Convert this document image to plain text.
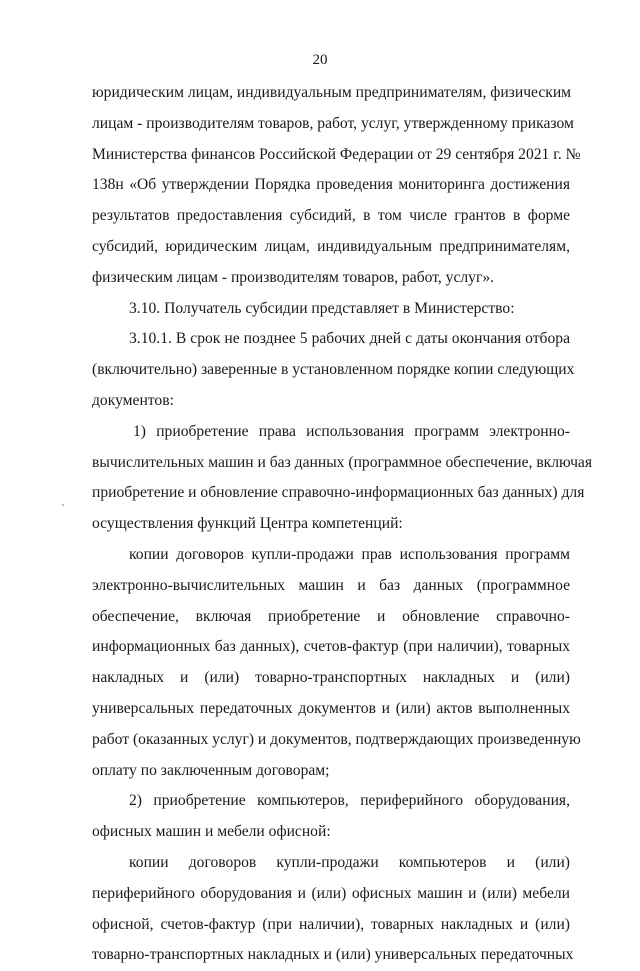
20
юридическим лицам, индивидуальным предпринимателям, физическим
лицам - производителям товаров, работ, услуг, утвержденному приказом
Министерства финансов Российской Федерации от 29 сентября 2021 г. №
138н «Об утверждении Порядка проведения мониторинга достижения
результатов предоставления субсидий, в том числе грантов в форме
субсидий, юридическим лицам, индивидуальным предпринимателям,
физическим лицам - производителям товаров, работ, услуг».
3.10. Получатель субсидии представляет в Министерство:
3.10.1. В срок не позднее 5 рабочих дней с даты окончания отбора
(включительно) заверенные в установленном порядке копии следующих
документов:
1) приобретение права использования программ электронно-
вычислительных машин и баз данных (программное обеспечение, включая
приобретение и обновление справочно-информационных баз данных) для
осуществления функций Центра компетенций:
копии договоров купли-продажи прав использования программ
электронно-вычислительных машин и баз данных (программное
обеспечение, включая приобретение и обновление справочно-
информационных баз данных), счетов-фактур (при наличии), товарных
накладных и (или) товарно-транспортных накладных и (или)
универсальных передаточных документов и (или) актов выполненных
работ (оказанных услуг) и документов, подтверждающих произведенную
оплату по заключенным договорам;
2) приобретение компьютеров, периферийного оборудования,
офисных машин и мебели офисной:
копии договоров купли-продажи компьютеров и (или)
периферийного оборудования и (или) офисных машин и (или) мебели
офисной, счетов-фактур (при наличии), товарных накладных и (или)
товарно-транспортных накладных и (или) универсальных передаточных
